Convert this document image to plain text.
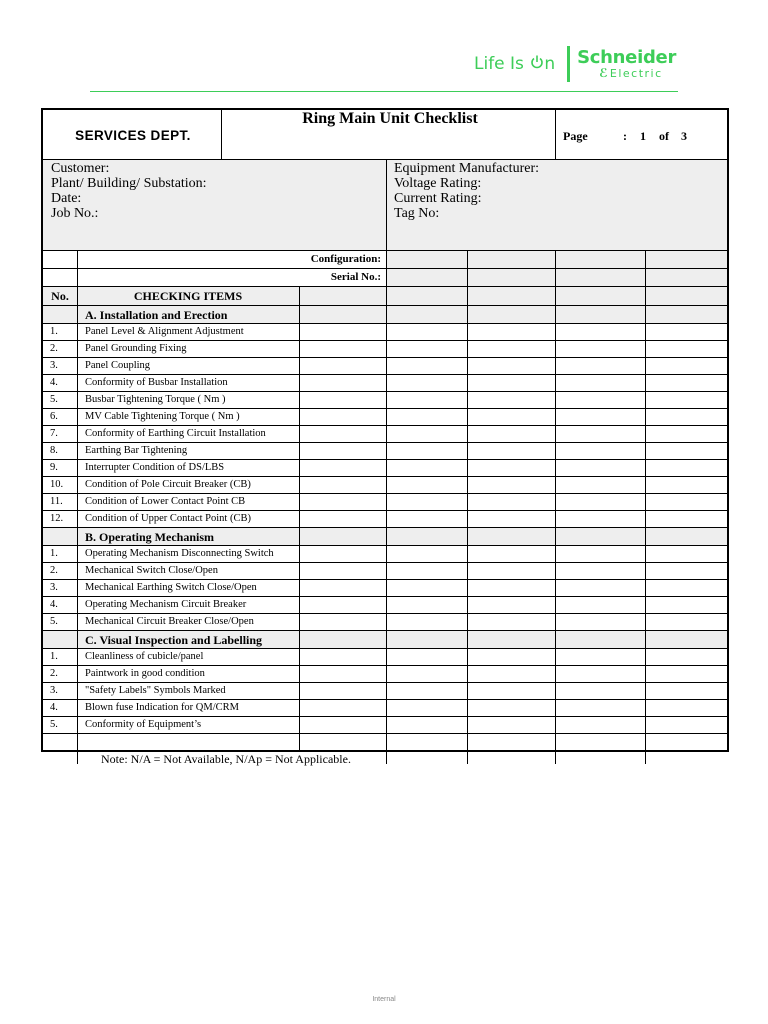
Life Is n Schneider
ℰ Electric
SERVICES DEPT.
Ring Main Unit Checklist
Page	: 1 of 3
Customer:
Plant/ Building/ Substation:
Date:
Job No.:
Equipment Manufacturer:
Voltage Rating:
Current Rating:
Tag No:
Configuration:
Serial No.:
No.	CHECKING ITEMS
A. Installation and Erection
1.	Panel Level & Alignment Adjustment
2.	Panel Grounding Fixing
3.	Panel Coupling
4.	Conformity of Busbar Installation
5.	Busbar Tightening Torque ( Nm )
6.	MV Cable Tightening Torque ( Nm )
7.	Conformity of Earthing Circuit Installation
8.	Earthing Bar Tightening
9.	Interrupter Condition of DS/LBS
10.	Condition of Pole Circuit Breaker (CB)
11.	Condition of Lower Contact Point CB
12.	Condition of Upper Contact Point (CB)
B. Operating Mechanism
1.	Operating Mechanism Disconnecting Switch
2.	Mechanical Switch Close/Open
3.	Mechanical Earthing Switch Close/Open
4.	Operating Mechanism Circuit Breaker
5.	Mechanical Circuit Breaker Close/Open
C. Visual Inspection and Labelling
1.	Cleanliness of cubicle/panel
2.	Paintwork in good condition
3.	"Safety Labels" Symbols Marked
4.	Blown fuse Indication for QM/CRM
5.	Conformity of Equipment’s
Note: N/A = Not Available, N/Ap = Not Applicable.
Internal
